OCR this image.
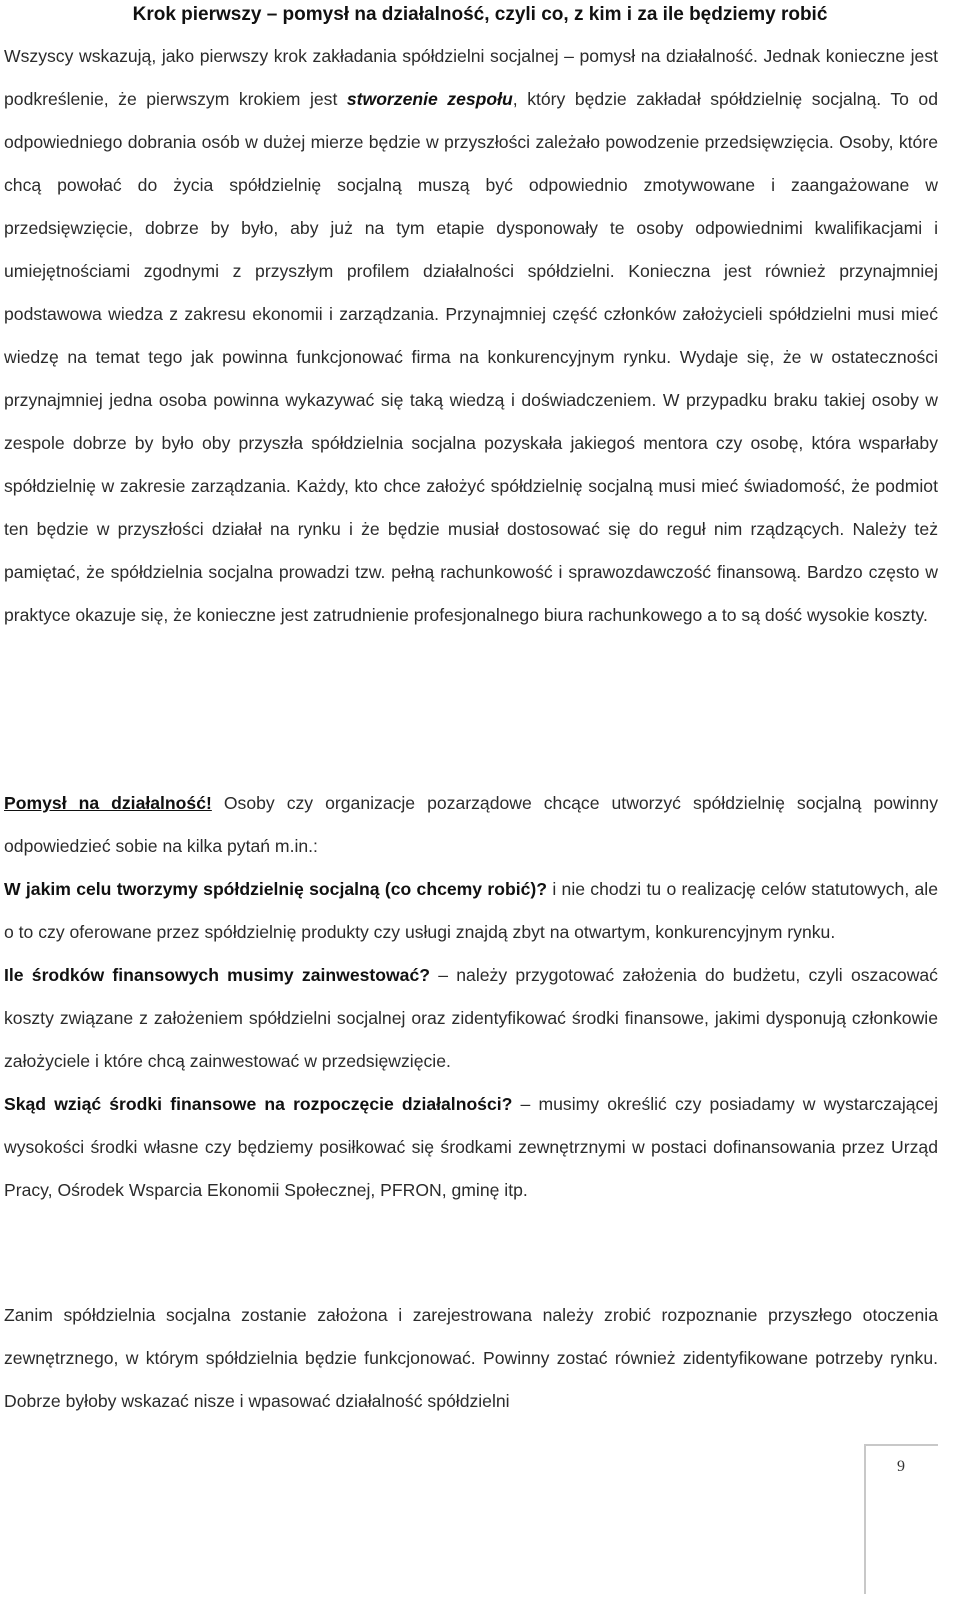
Krok pierwszy – pomysł na działalność, czyli co, z kim i za ile będziemy robić

Wszyscy wskazują, jako pierwszy krok zakładania spółdzielni socjalnej – pomysł na działalność. Jednak konieczne jest podkreślenie, że pierwszym krokiem jest stworzenie zespołu, który będzie zakładał spółdzielnię socjalną. To od odpowiedniego dobrania osób w dużej mierze będzie w przyszłości zależało powodzenie przedsięwzięcia. Osoby, które chcą powołać do życia spółdzielnię socjalną muszą być odpowiednio zmotywowane i zaangażowane w przedsięwzięcie, dobrze by było, aby już na tym etapie dysponowały te osoby odpowiednimi kwalifikacjami i umiejętnościami zgodnymi z przyszłym profilem działalności spółdzielni. Konieczna jest również przynajmniej podstawowa wiedza z zakresu ekonomii i zarządzania. Przynajmniej część członków założycieli spółdzielni musi mieć wiedzę na temat tego jak powinna funkcjonować firma na konkurencyjnym rynku. Wydaje się, że w ostateczności przynajmniej jedna osoba powinna wykazywać się taką wiedzą i doświadczeniem. W przypadku braku takiej osoby w zespole dobrze by było oby przyszła spółdzielnia socjalna pozyskała jakiegoś mentora czy osobę, która wsparłaby spółdzielnię w zakresie zarządzania. Każdy, kto chce założyć spółdzielnię socjalną musi mieć świadomość, że podmiot ten będzie w przyszłości działał na rynku i że będzie musiał dostosować się do reguł nim rządzących. Należy też pamiętać, że spółdzielnia socjalna prowadzi tzw. pełną rachunkowość i sprawozdawczość finansową. Bardzo często w praktyce okazuje się, że konieczne jest zatrudnienie profesjonalnego biura rachunkowego a to są dość wysokie koszty.

Pomysł na działalność! Osoby czy organizacje pozarządowe chcące utworzyć spółdzielnię socjalną powinny odpowiedzieć sobie na kilka pytań m.in.:
W jakim celu tworzymy spółdzielnię socjalną (co chcemy robić)? i nie chodzi tu o realizację celów statutowych, ale o to czy oferowane przez spółdzielnię produkty czy usługi znajdą zbyt na otwartym, konkurencyjnym rynku.
Ile środków finansowych musimy zainwestować? – należy przygotować założenia do budżetu, czyli oszacować koszty związane z założeniem spółdzielni socjalnej oraz zidentyfikować środki finansowe, jakimi dysponują członkowie założyciele i które chcą zainwestować w przedsięwzięcie.
Skąd wziąć środki finansowe na rozpoczęcie działalności? – musimy określić czy posiadamy w wystarczającej wysokości środki własne czy będziemy posiłkować się środkami zewnętrznymi w postaci dofinansowania przez Urząd Pracy, Ośrodek Wsparcia Ekonomii Społecznej, PFRON, gminę itp.

Zanim spółdzielnia socjalna zostanie założona i zarejestrowana należy zrobić rozpoznanie przyszłego otoczenia zewnętrznego, w którym spółdzielnia będzie funkcjonować. Powinny zostać również zidentyfikowane potrzeby rynku. Dobrze byłoby wskazać nisze i wpasować działalność spółdzielni

9
